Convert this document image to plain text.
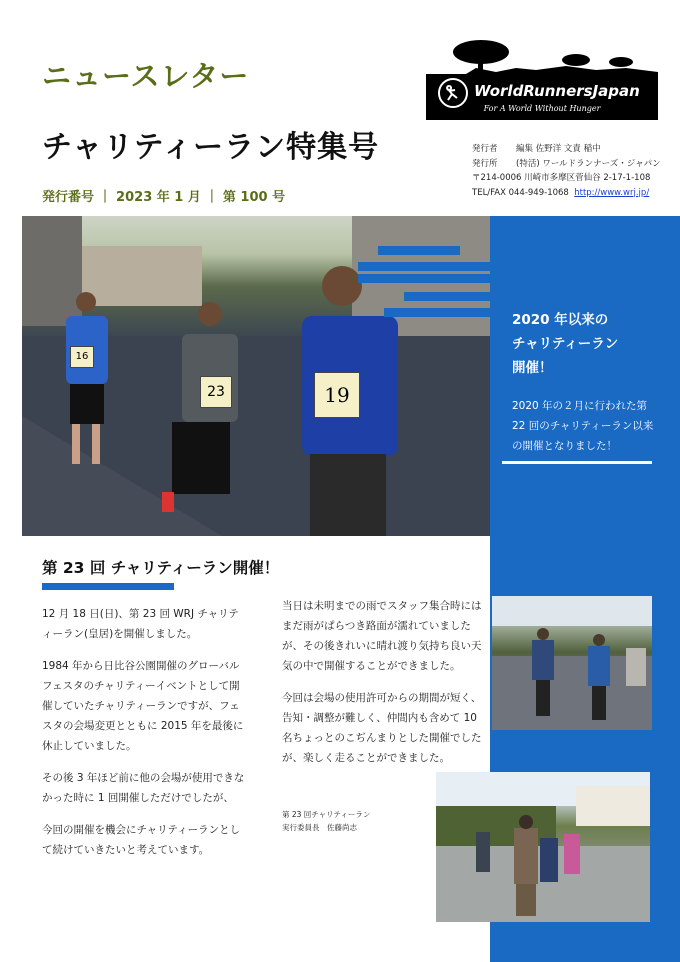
ニュースレター
チャリティーラン特集号
発行番号 ｜ 2023 年 1 月 ｜ 第 100 号
WorldRunnersJapan
For A World Without Hunger
発行者 編集 佐野洋 文責 稲中
発行所 (特活) ワールドランナーズ・ジャパン
〒214-0006 川崎市多摩区菅仙谷 2-17-1-108
TEL/FAX 044-949-1068 http://www.wrj.jp/
16
23	19
2020 年以来の
チャリティーラン
開催！
2020 年の２月に行われた第 22 回のチャリティーラン以来の開催となりました！
第 23 回 チャリティーラン開催！

12 月 18 日(日)、第 23 回 WRJ チャリティーラン(皇居)を開催しました。

1984 年から日比谷公園開催のグローバルフェスタのチャリティーイベントとして開催していたチャリティーランですが、フェスタの会場変更とともに 2015 年を最後に休止していました。

その後 3 年ほど前に他の会場が使用できなかった時に 1 回開催しただけでしたが、

今回の開催を機会にチャリティーランとして続けていきたいと考えています。

当日は未明までの雨でスタッフ集合時にはまだ雨がぱらつき路面が濡れていましたが、その後きれいに晴れ渡り気持ち良い天気の中で開催することができました。

今回は会場の使用許可からの期間が短く、告知・調整が難しく、仲間内も含めて 10 名ちょっとのこぢんまりとした開催でしたが、楽しく走ることができました。

第 23 回チャリティーラン
実行委員長　佐藤尚志
